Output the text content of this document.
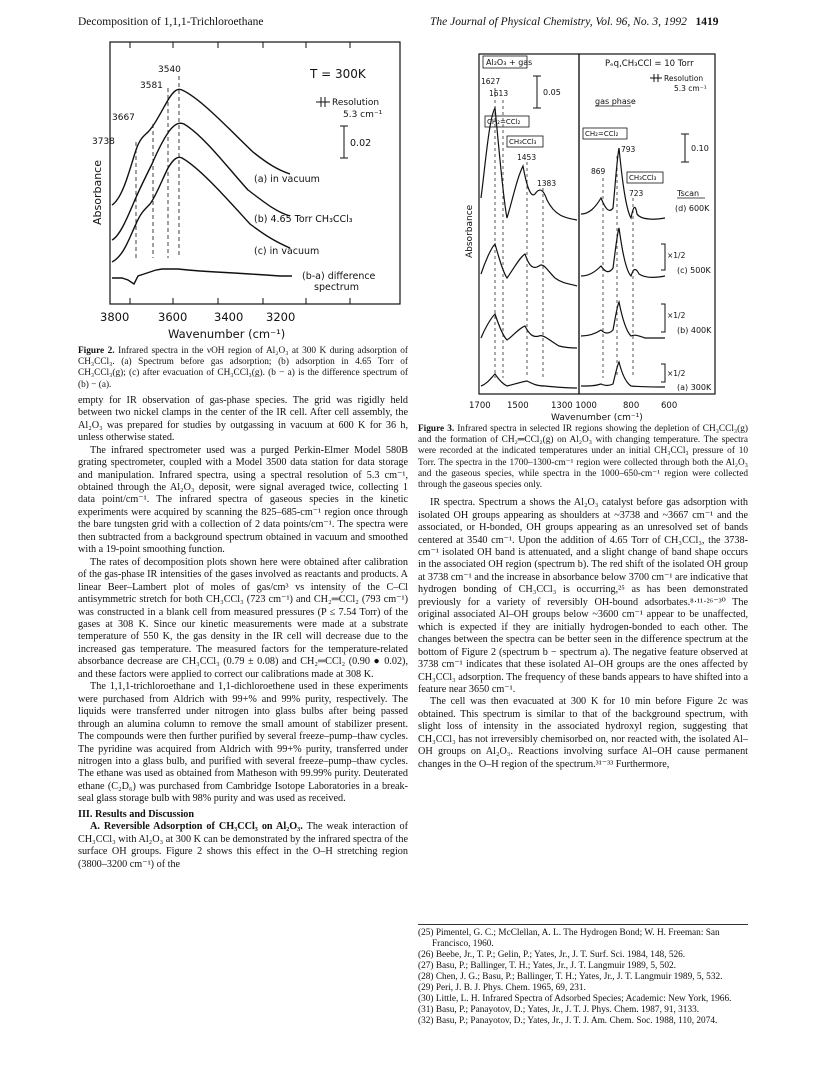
Decomposition of 1,1,1-Trichloroethane	The Journal of Physical Chemistry, Vol. 96, No. 3, 1992 1419
3540
3581
3667
3738
T = 300K
Resolution
5.3 cm⁻¹
0.02
(a) in vacuum
(b) 4.65 Torr CH₃CCl₃
(c) in vacuum
(b-a) difference
spectrum
Absorbance
3800 3600 3400 3200
Wavenumber (cm⁻¹)

Figure 2. Infrared spectra in the νOH region of Al₂O₃ at 300 K during adsorption of CH₃CCl₃. (a) Spectrum before gas adsorption; (b) adsorption in 4.65 Torr of CH₃CCl₃(g); (c) after evacuation of CH₃CCl₃(g). (b − a) is the difference spectrum of (b) − (a).

empty for IR observation of gas-phase species. The grid was rigidly held between two nickel clamps in the center of the IR cell. After cell assembly, the Al₂O₃ was prepared for studies by outgassing in vacuum at 600 K for 36 h, unless otherwise stated.

The infrared spectrometer used was a purged Perkin-Elmer Model 580B grating spectrometer, coupled with a Model 3500 data station for data storage and manipulation. Infrared spectra, using a spectral resolution of 5.3 cm⁻¹, obtained through the Al₂O₃ deposit, were signal averaged twice, collecting 1 data point/cm⁻¹. The infrared spectra of gaseous species in the kinetic experiments were acquired by scanning the 825–685-cm⁻¹ region once through the bare tungsten grid with a collection of 2 data points/cm⁻¹. The spectra were then subtracted from a background spectrum obtained in vacuum and smoothed with a 19-point smoothing function.

The rates of decomposition plots shown here were obtained after calibration of the gas-phase IR intensities of the gases involved as reactants and products. A linear Beer–Lambert plot of moles of gas/cm³ vs intensity of the C–Cl antisymmetric stretch for both CH₃CCl₃ (723 cm⁻¹) and CH₂═CCl₂ (793 cm⁻¹) was constructed in a blank cell from measured pressures (P ≤ 7.54 Torr) of the gases at 308 K. Since our kinetic measurements were made at a substrate temperature of 550 K, the gas density in the IR cell will decrease due to the increased gas temperature. The measured factors for the temperature-related absorbance decrease are CH₃CCl₃ (0.79 ± 0.08) and CH₂═CCl₂ (0.90 ● 0.02), and these factors were applied to correct our calibrations made at 308 K.

The 1,1,1-trichloroethane and 1,1-dichloroethene used in these experiments were purchased from Aldrich with 99+% and 99% purity, respectively. The liquids were transferred under nitrogen into glass bulbs after being passed through an alumina column to remove the small amount of stabilizer present. The compounds were then further purified by several freeze–pump–thaw cycles. The pyridine was acquired from Aldrich with 99+% purity, transferred under nitrogen into a glass bulb, and purified with several freeze–pump–thaw cycles. The ethane was used as obtained from Matheson with 99.99% purity. Deuterated ethane (C₂D₆) was purchased from Cambridge Isotope Laboratories in a break-seal glass storage bulb with 98% purity and was used as received.

III. Results and Discussion

A. Reversible Adsorption of CH₃CCl₃ on Al₂O₃. The weak interaction of CH₃CCl₃ with Al₂O₃ at 300 K can be demonstrated by the infrared spectra of the surface OH groups. Figure 2 shows this effect in the O–H stretching region (3800–3200 cm⁻¹) of the

Al₂O₃ + gas	Pₑq,CH₃CCl = 10 Torr
Resolution
5.3 cm⁻¹
0.05
0.10
gas phase
CH₂=CCl₂
CH₃CCl₃
CH₂=CCl₂
CH₃CCl₃
1627
1613
1453
1383
869
793
723
×1/2
×1/2
×1/2
Tscan
(d) 600K
(c) 500K
(b) 400K
(a) 300K
Absorbance
1700 1500	1300 1000	800	600
Wavenumber (cm⁻¹)

Figure 3. Infrared spectra in selected IR regions showing the depletion of CH₃CCl₃(g) and the formation of CH₂═CCl₂(g) on Al₂O₃ with changing temperature. The spectra were recorded at the indicated temperatures under an initial CH₃CCl₃ pressure of 10 Torr. The spectra in the 1700–1300-cm⁻¹ region were collected through both the Al₂O₃ and the gaseous species, while spectra in the 1000–650-cm⁻¹ region were collected through the gaseous species only.

IR spectra. Spectrum a shows the Al₂O₃ catalyst before gas adsorption with isolated OH groups appearing as shoulders at ~3738 and ~3667 cm⁻¹ and the associated, or H-bonded, OH groups appearing as an unresolved set of bands centered at 3540 cm⁻¹. Upon the addition of 4.65 Torr of CH₃CCl₃, the 3738-cm⁻¹ isolated OH band is attenuated, and a slight change of band shape occurs in the associated OH region (spectrum b). The red shift of the isolated OH group at 3738 cm⁻¹ and the increase in absorbance below 3700 cm⁻¹ are indicative that hydrogen bonding of CH₃CCl₃ is occurring,²⁵ as has been demonstrated previously for a variety of reversibly OH-bound adsorbates.⁸·¹¹·²⁶⁻³⁰ The original associated Al–OH groups below ~3600 cm⁻¹ appear to be unaffected, which is expected if they are initially hydrogen-bonded to each other. The changes between the spectra can be better seen in the difference spectrum at the bottom of Figure 2 (spectrum b − spectrum a). The negative feature observed at 3738 cm⁻¹ indicates that these isolated Al–OH groups are the ones affected by CH₃CCl₃ adsorption. The frequency of these bands appears to have shifted into a feature near 3650 cm⁻¹.

The cell was then evacuated at 300 K for 10 min before Figure 2c was obtained. This spectrum is similar to that of the background spectrum, with slight loss of intensity in the associated hydroxyl region, suggesting that CH₃CCl₃ has not irreversibly chemisorbed on, nor reacted with, the isolated Al–OH groups on Al₂O₃. Reactions involving surface Al–OH cause permanent changes in the O–H region of the spectrum.³¹⁻³³ Furthermore,

(25) Pimentel, G. C.; McClellan, A. L. The Hydrogen Bond; W. H. Freeman: San Francisco, 1960.

(26) Beebe, Jr., T. P.; Gelin, P.; Yates, Jr., J. T. Surf. Sci. 1984, 148, 526.

(27) Basu, P.; Ballinger, T. H.; Yates, Jr., J. T. Langmuir 1989, 5, 502.

(28) Chen, J. G.; Basu, P.; Ballinger, T. H.; Yates, Jr., J. T. Langmuir 1989, 5, 532.

(29) Peri, J. B. J. Phys. Chem. 1965, 69, 231.

(30) Little, L. H. Infrared Spectra of Adsorbed Species; Academic: New York, 1966.

(31) Basu, P.; Panayotov, D.; Yates, Jr., J. T. J. Phys. Chem. 1987, 91, 3133.

(32) Basu, P.; Panayotov, D.; Yates, Jr., J. T. J. Am. Chem. Soc. 1988, 110, 2074.
